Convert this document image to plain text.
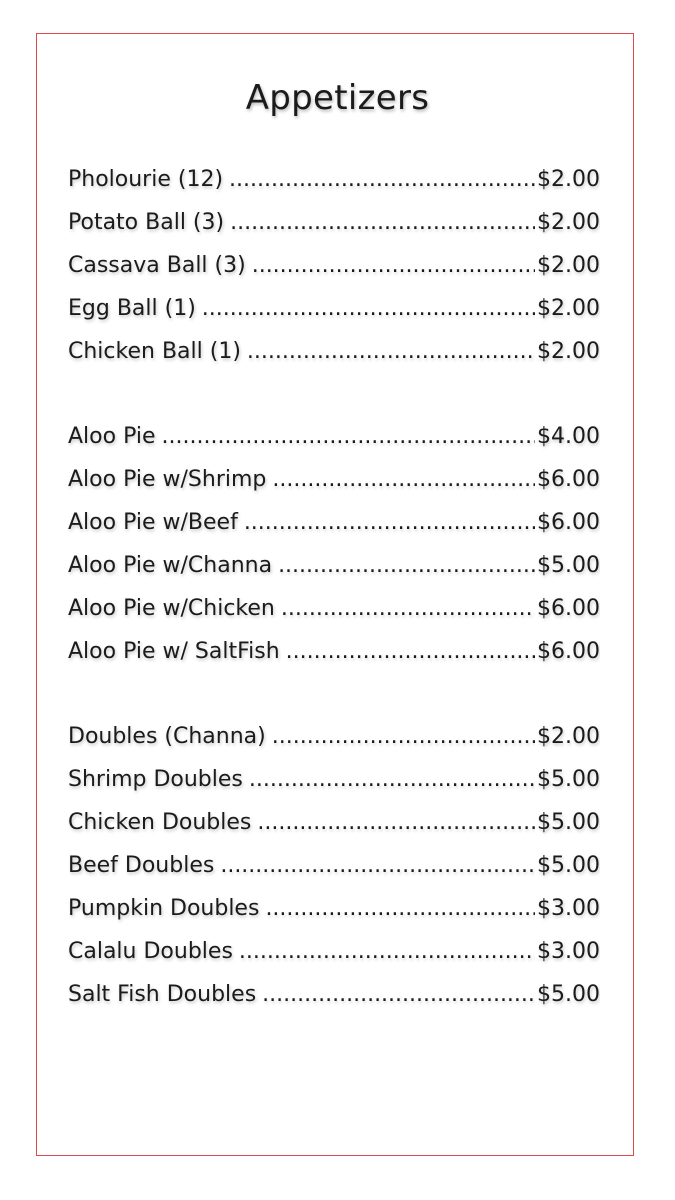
Appetizers
Pholourie (12) .....	$2.00
Potato Ball (3) .....	$2.00
Cassava Ball (3) .....	$2.00
Egg Ball (1) .....	$2.00
Chicken Ball (1) .....	$2.00
Aloo Pie .....	$4.00
Aloo Pie w/Shrimp .....	$6.00
Aloo Pie w/Beef .....	$6.00
Aloo Pie w/Channa .....	$5.00
Aloo Pie w/Chicken .....	$6.00
Aloo Pie w/ SaltFish .....	$6.00
Doubles (Channa) .....	$2.00
Shrimp Doubles .....	$5.00
Chicken Doubles .....	$5.00
Beef Doubles .....	$5.00
Pumpkin Doubles .....	$3.00
Calalu Doubles .....	$3.00
Salt Fish Doubles .....	$5.00
